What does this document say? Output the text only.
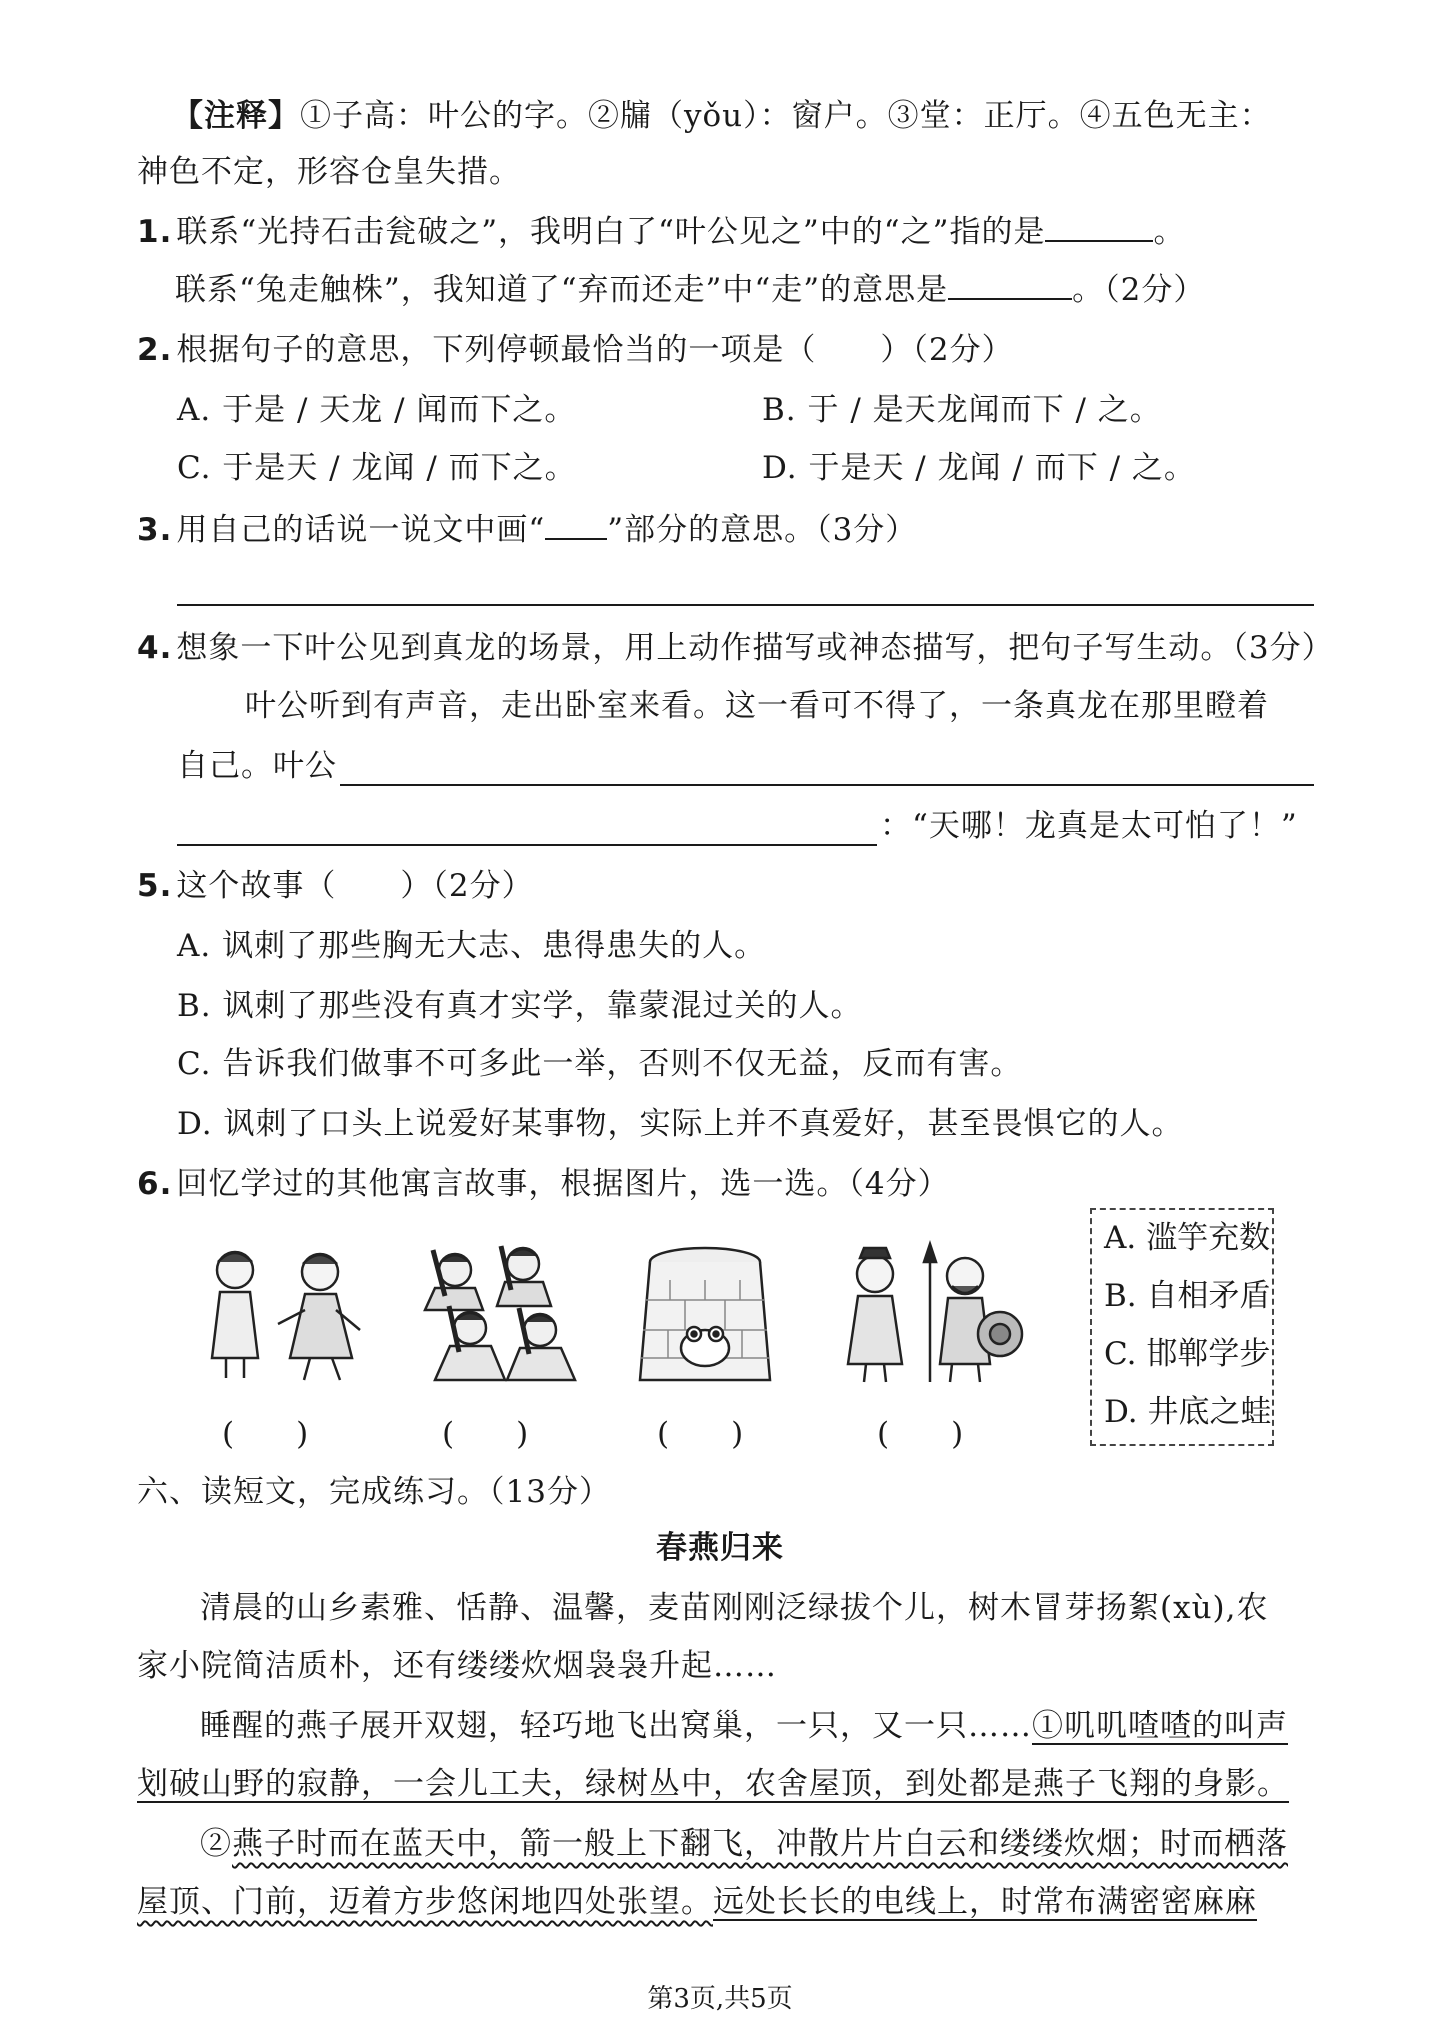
【注释】①子高：叶公的字。②牖（yǒu）：窗户。③堂：正厅。④五色无主：
神色不定，形容仓皇失措。
1. 联系“光持石击瓮破之”，我明白了“叶公见之”中的“之”指的是	。
联系“兔走触株”，我知道了“弃而还走”中“走”的意思是	。（2分）
2. 根据句子的意思，下列停顿最恰当的一项是（　　）（2分）
A. 于是 / 天龙 / 闻而下之。	B. 于 / 是天龙闻而下 / 之。
C. 于是天 / 龙闻 / 而下之。	D. 于是天 / 龙闻 / 而下 / 之。
3. 用自己的话说一说文中画“ ”部分的意思。（3分）
4. 想象一下叶公见到真龙的场景，用上动作描写或神态描写，把句子写生动。（3分）
叶公听到有声音，走出卧室来看。这一看可不得了，一条真龙在那里瞪着
自己。叶公
：“天哪！龙真是太可怕了！”
5. 这个故事（　　）（2分）
A. 讽刺了那些胸无大志、患得患失的人。
B. 讽刺了那些没有真才实学，靠蒙混过关的人。
C. 告诉我们做事不可多此一举，否则不仅无益，反而有害。
D. 讽刺了口头上说爱好某事物，实际上并不真爱好，甚至畏惧它的人。
6. 回忆学过的其他寓言故事，根据图片，选一选。（4分）
(　　)	(　　)	(　　)	(　　)
A. 滥竽充数
B. 自相矛盾
C. 邯郸学步
D. 井底之蛙
六、读短文，完成练习。（13分）
春燕归来
清晨的山乡素雅、恬静、温馨，麦苗刚刚泛绿拔个儿，树木冒芽扬絮(xù),农
家小院简洁质朴，还有缕缕炊烟袅袅升起……
睡醒的燕子展开双翅，轻巧地飞出窝巢，一只，又一只……①叽叽喳喳的叫声
划破山野的寂静，一会儿工夫，绿树丛中，农舍屋顶，到处都是燕子飞翔的身影。
②燕子时而在蓝天中，箭一般上下翻飞，冲散片片白云和缕缕炊烟；时而栖落
屋顶、门前，迈着方步悠闲地四处张望。远处长长的电线上，时常布满密密麻麻
第3页,共5页
